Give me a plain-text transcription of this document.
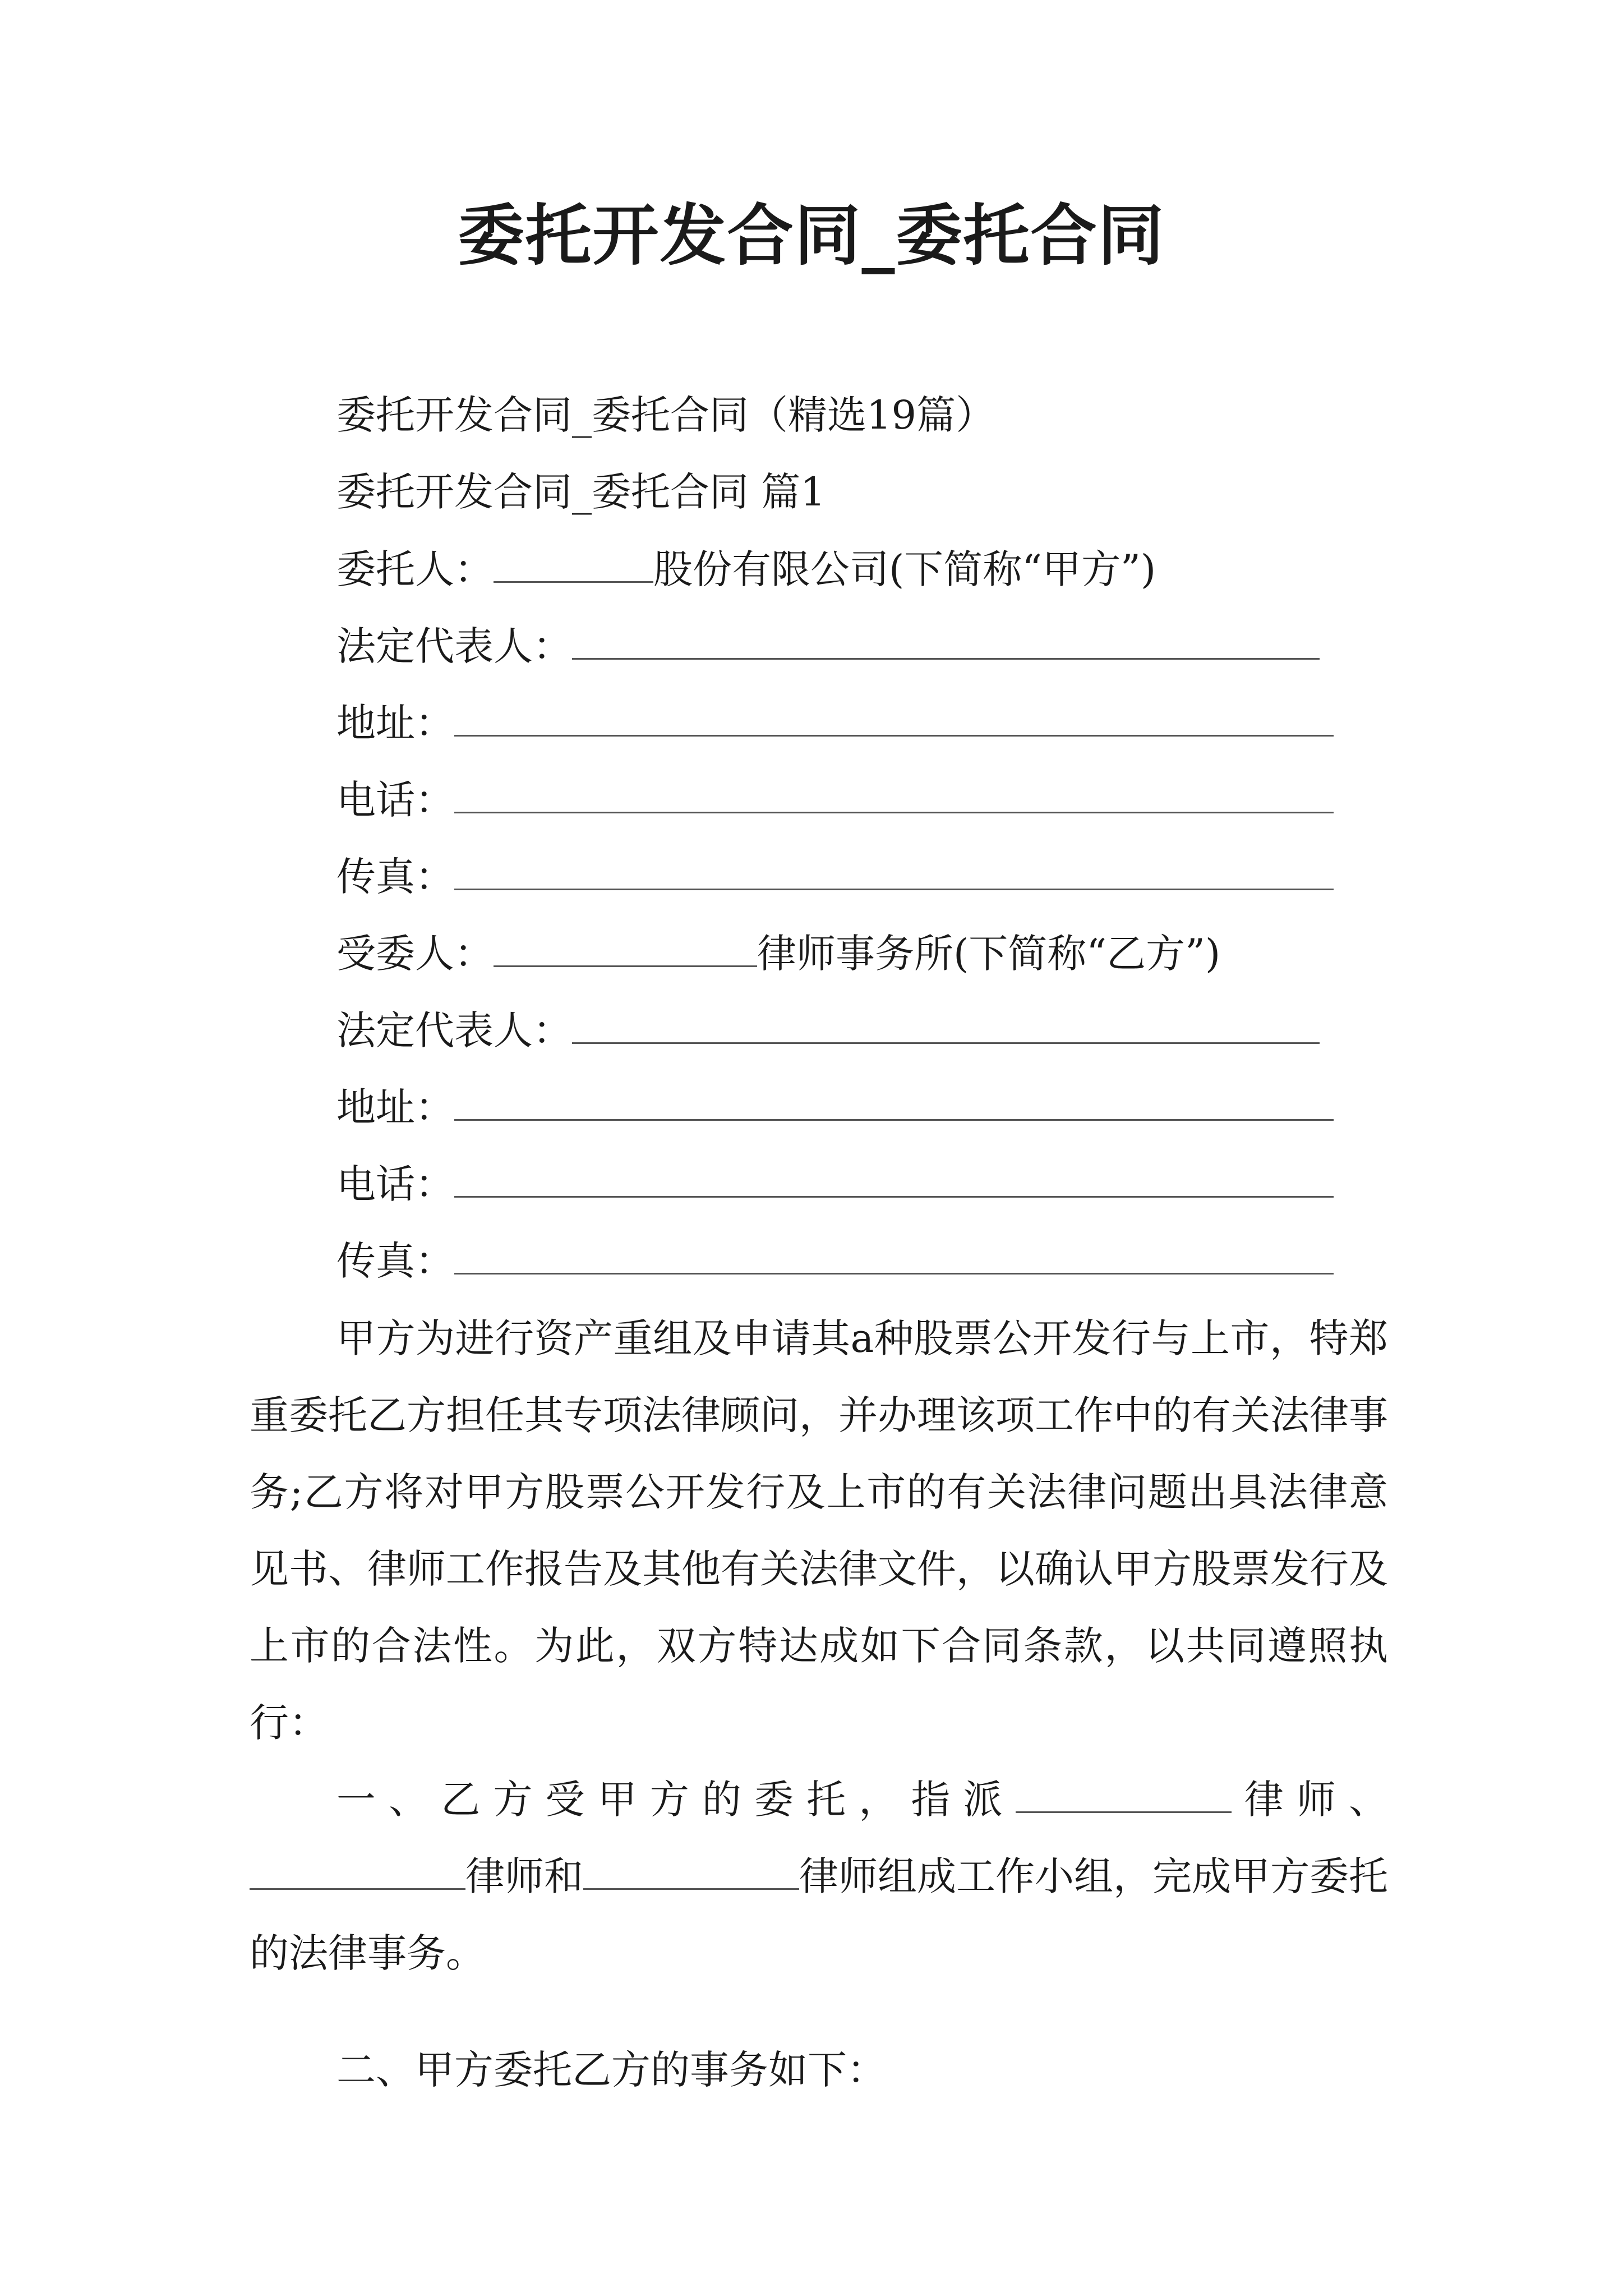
委托开发合同_委托合同
委托开发合同_委托合同（精选19篇）
委托开发合同_委托合同 篇1
委托人：	股份有限公司(下简称“甲方”)
法定代表人：
地址：
电话：
传真：
受委人：	律师事务所(下简称“乙方”)
法定代表人：
地址：
电话：
传真：
甲方为进行资产重组及申请其a种股票公开发行与上市，特郑重委托乙方担任其专项法律顾问，并办理该项工作中的有关法律事务;乙方将对甲方股票公开发行及上市的有关法律问题出具法律意见书、律师工作报告及其他有关法律文件，以确认甲方股票发行及上市的合法性。为此，双方特达成如下合同条款，以共同遵照执行：
一、乙方受甲方的委托，指派	律师、律师和	律师组成工作小组，完成甲方委托的法律事务。
二、甲方委托乙方的事务如下：
